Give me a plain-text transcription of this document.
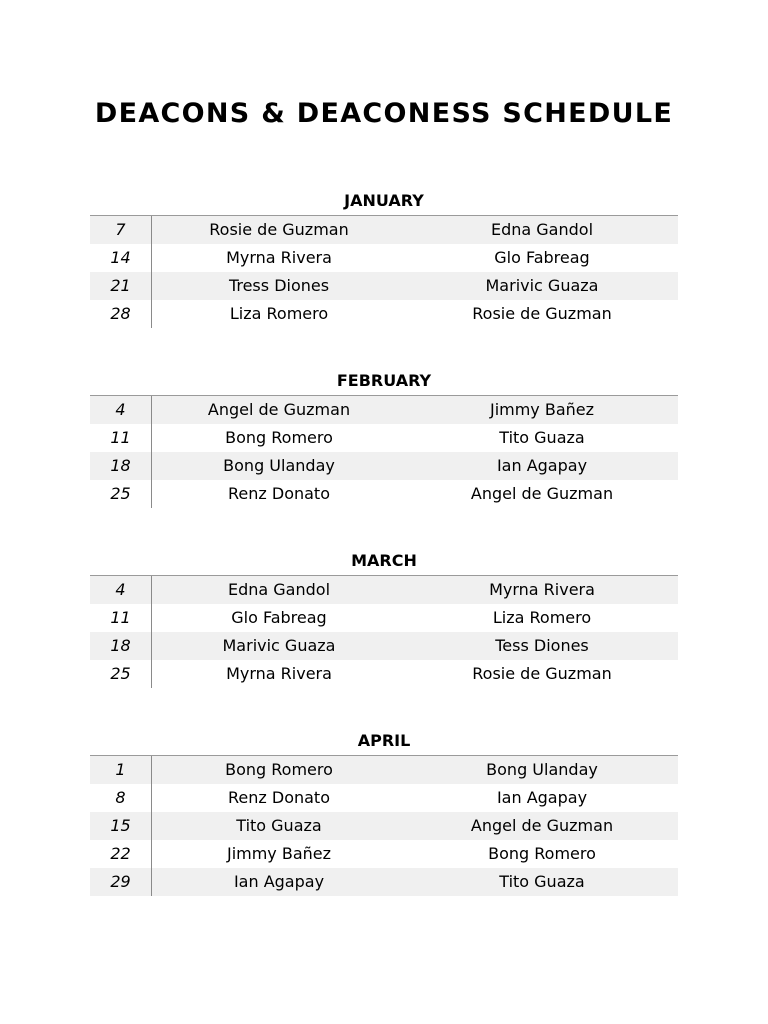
DEACONS & DEACONESS SCHEDULE
JANUARY
7	Rosie de Guzman	Edna Gandol
14	Myrna Rivera	Glo Fabreag
21	Tress Diones	Marivic Guaza
28	Liza Romero	Rosie de Guzman
FEBRUARY
4	Angel de Guzman	Jimmy Bañez
11	Bong Romero	Tito Guaza
18	Bong Ulanday	Ian Agapay
25	Renz Donato	Angel de Guzman
MARCH
4	Edna Gandol	Myrna Rivera
11	Glo Fabreag	Liza Romero
18	Marivic Guaza	Tess Diones
25	Myrna Rivera	Rosie de Guzman
APRIL
1	Bong Romero	Bong Ulanday
8	Renz Donato	Ian Agapay
15	Tito Guaza	Angel de Guzman
22	Jimmy Bañez	Bong Romero
29	Ian Agapay	Tito Guaza
